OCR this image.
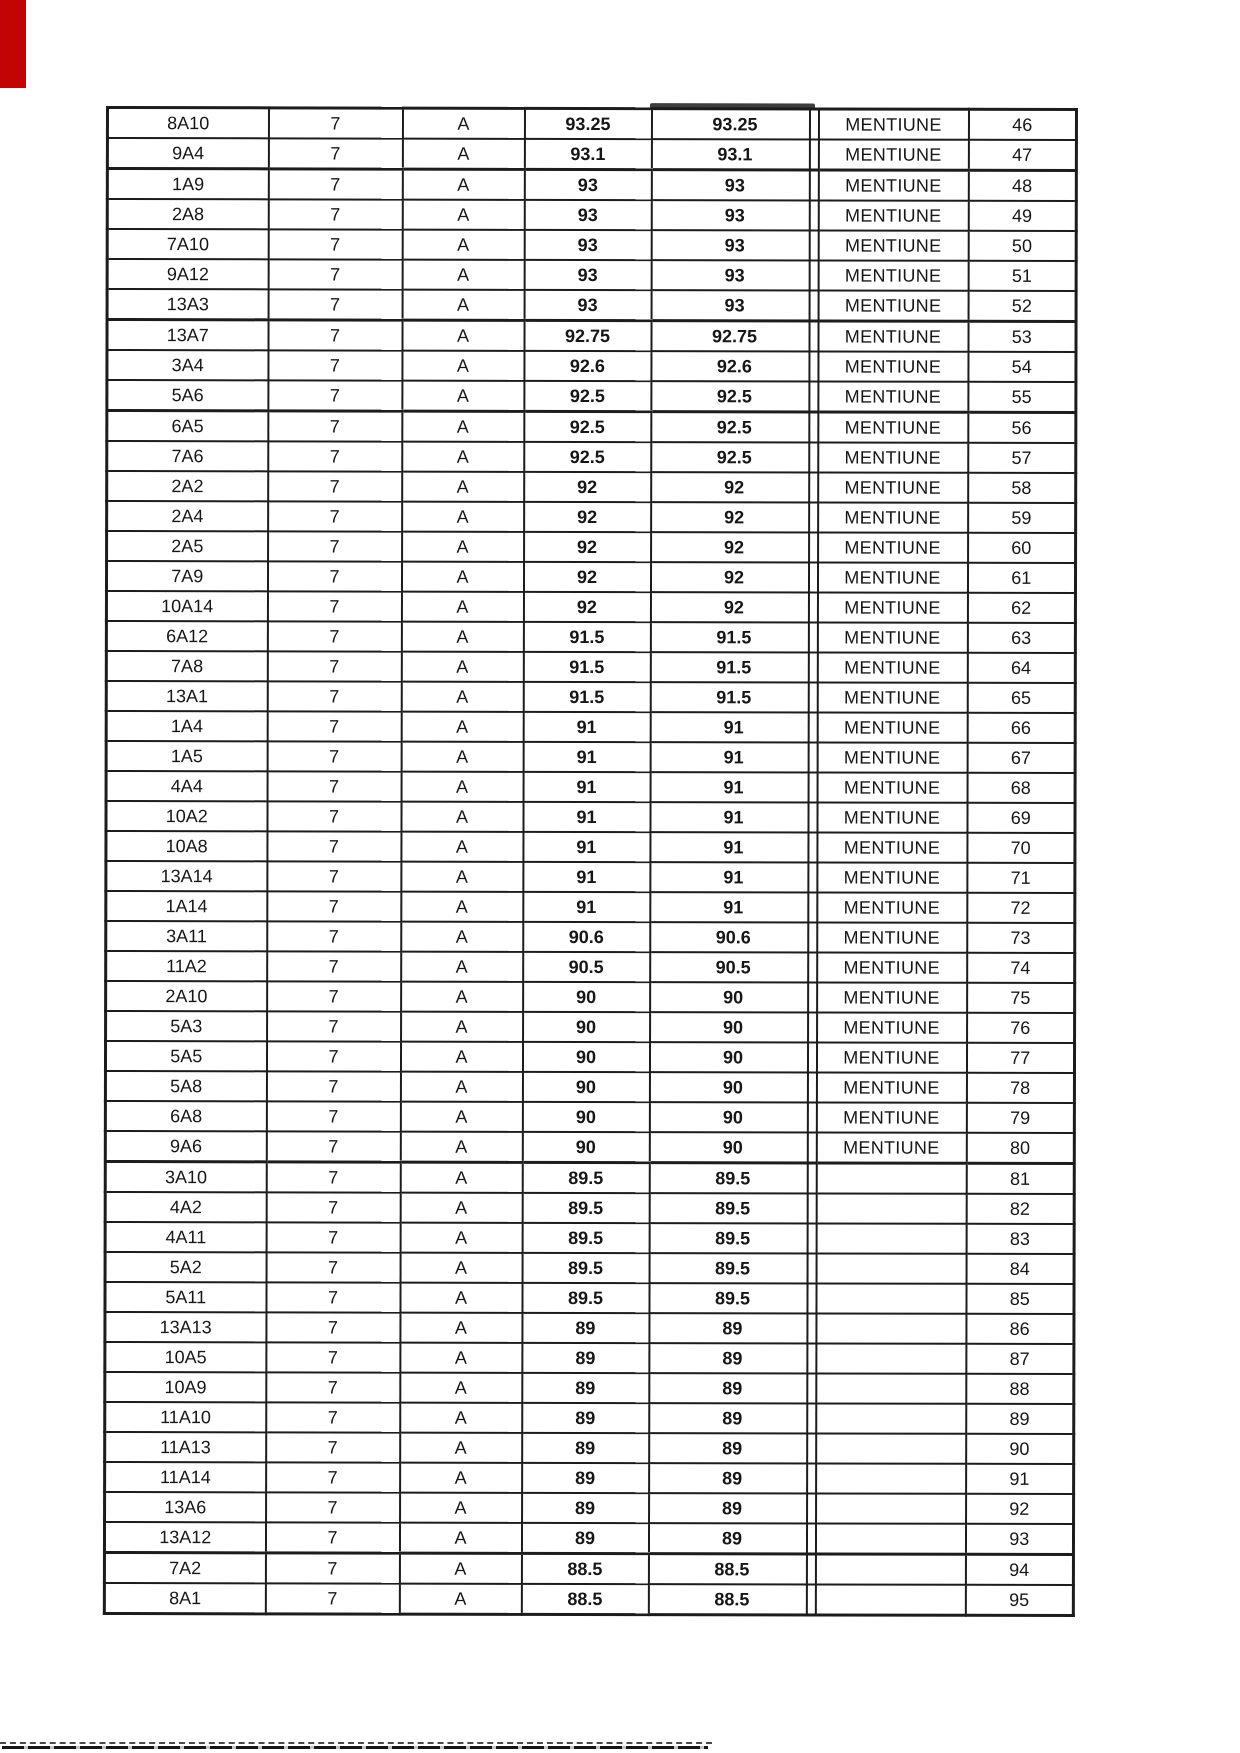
8A10	7	A	93.25	93.25	MENTIUNE	46
9A4	7	A	93.1	93.1	MENTIUNE	47
1A9	7	A	93	93	MENTIUNE	48
2A8	7	A	93	93	MENTIUNE	49
7A10	7	A	93	93	MENTIUNE	50
9A12	7	A	93	93	MENTIUNE	51
13A3	7	A	93	93	MENTIUNE	52
13A7	7	A	92.75	92.75	MENTIUNE	53
3A4	7	A	92.6	92.6	MENTIUNE	54
5A6	7	A	92.5	92.5	MENTIUNE	55
6A5	7	A	92.5	92.5	MENTIUNE	56
7A6	7	A	92.5	92.5	MENTIUNE	57
2A2	7	A	92	92	MENTIUNE	58
2A4	7	A	92	92	MENTIUNE	59
2A5	7	A	92	92	MENTIUNE	60
7A9	7	A	92	92	MENTIUNE	61
10A14	7	A	92	92	MENTIUNE	62
6A12	7	A	91.5	91.5	MENTIUNE	63
7A8	7	A	91.5	91.5	MENTIUNE	64
13A1	7	A	91.5	91.5	MENTIUNE	65
1A4	7	A	91	91	MENTIUNE	66
1A5	7	A	91	91	MENTIUNE	67
4A4	7	A	91	91	MENTIUNE	68
10A2	7	A	91	91	MENTIUNE	69
10A8	7	A	91	91	MENTIUNE	70
13A14	7	A	91	91	MENTIUNE	71
1A14	7	A	91	91	MENTIUNE	72
3A11	7	A	90.6	90.6	MENTIUNE	73
11A2	7	A	90.5	90.5	MENTIUNE	74
2A10	7	A	90	90	MENTIUNE	75
5A3	7	A	90	90	MENTIUNE	76
5A5	7	A	90	90	MENTIUNE	77
5A8	7	A	90	90	MENTIUNE	78
6A8	7	A	90	90	MENTIUNE	79
9A6	7	A	90	90	MENTIUNE	80
3A10	7	A	89.5	89.5		81
4A2	7	A	89.5	89.5		82
4A11	7	A	89.5	89.5		83
5A2	7	A	89.5	89.5		84
5A11	7	A	89.5	89.5		85
13A13	7	A	89	89		86
10A5	7	A	89	89		87
10A9	7	A	89	89		88
11A10	7	A	89	89		89
11A13	7	A	89	89		90
11A14	7	A	89	89		91
13A6	7	A	89	89		92
13A12	7	A	89	89		93
7A2	7	A	88.5	88.5		94
8A1	7	A	88.5	88.5		95
